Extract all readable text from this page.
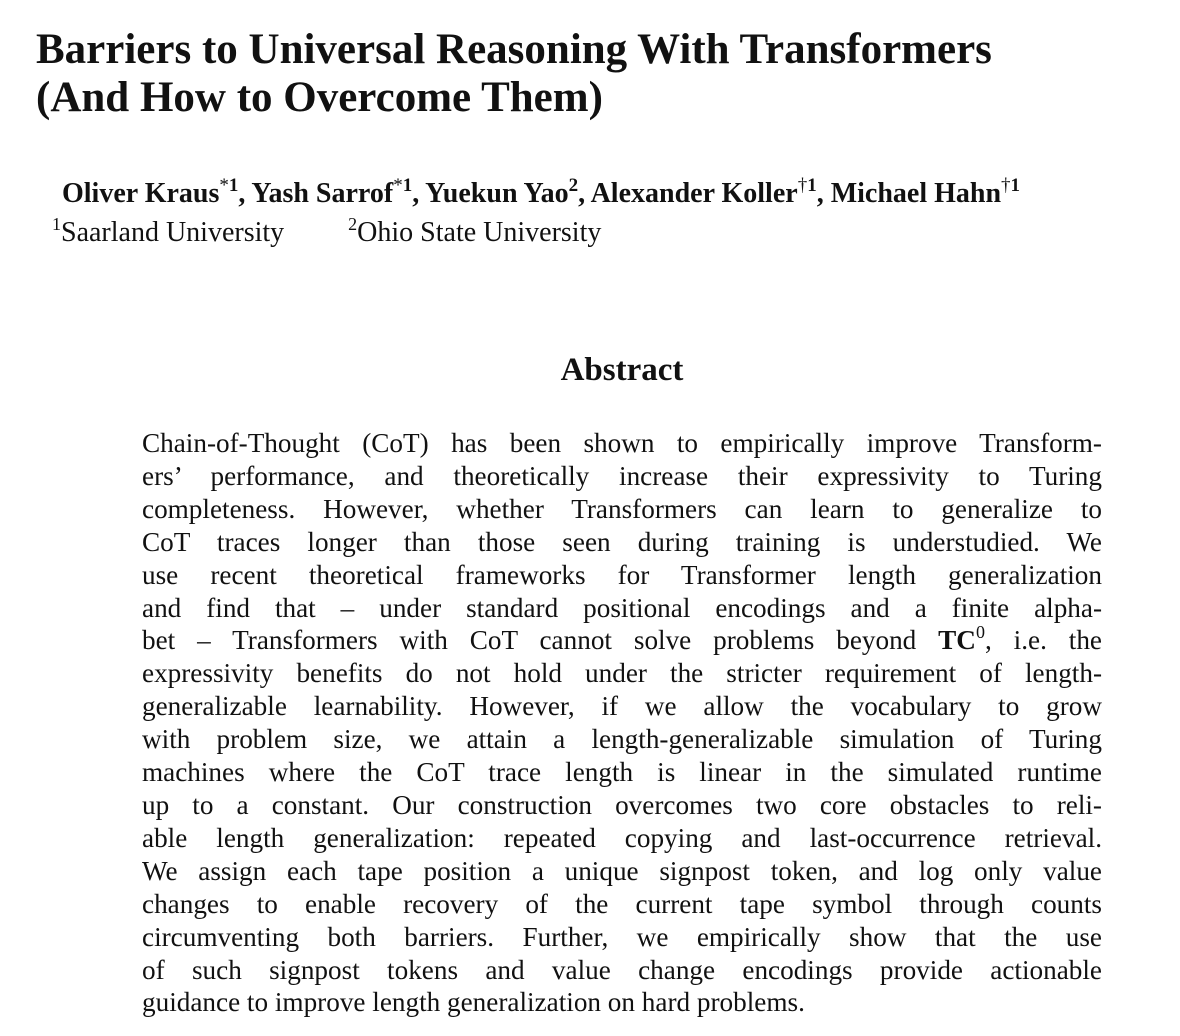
Barriers to Universal Reasoning With Transformers
(And How to Overcome Them)
Oliver Kraus$^{*1}$, Yash Sarrof$^{*1}$, Yuekun Yao$^2$, Alexander Koller$^{\dagger 1}$, Michael Hahn$^{\dagger 1}$
$^1$Saarland University	$^2$Ohio State University
Abstract
Chain-of-Thought (CoT) has been shown to empirically improve Transform-
ers’ performance, and theoretically increase their expressivity to Turing
completeness. However, whether Transformers can learn to generalize to
CoT traces longer than those seen during training is understudied. We
use recent theoretical frameworks for Transformer length generalization
and find that – under standard positional encodings and a finite alpha-
bet – Transformers with CoT cannot solve problems beyond $TC^0$, i.e. the
expressivity benefits do not hold under the stricter requirement of length-
generalizable learnability. However, if we allow the vocabulary to grow
with problem size, we attain a length-generalizable simulation of Turing
machines where the CoT trace length is linear in the simulated runtime
up to a constant. Our construction overcomes two core obstacles to reli-
able length generalization: repeated copying and last-occurrence retrieval.
We assign each tape position a unique signpost token, and log only value
changes to enable recovery of the current tape symbol through counts
circumventing both barriers. Further, we empirically show that the use
of such signpost tokens and value change encodings provide actionable
guidance to improve length generalization on hard problems.
